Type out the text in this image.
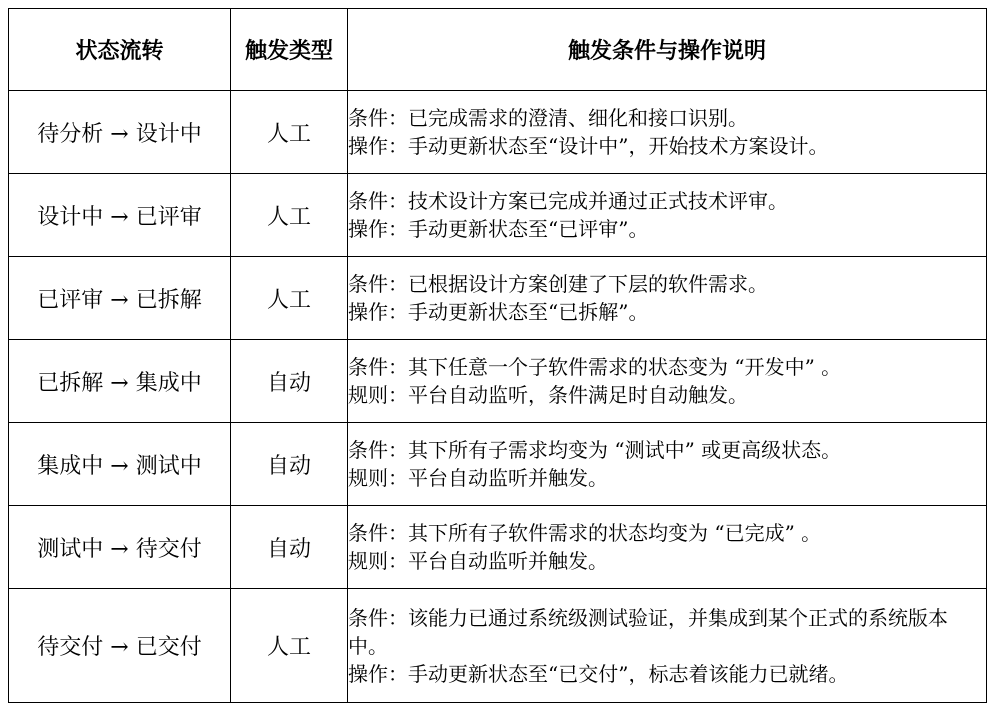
状态流转	触发类型	触发条件与操作说明
待分析 → 设计中	人工	条件：已完成需求的澄清、细化和接口识别。
操作：手动更新状态至“设计中”，开始技术方案设计。

设计中 → 已评审	人工	条件：技术设计方案已完成并通过正式技术评审。
操作：手动更新状态至“已评审”。

已评审 → 已拆解	人工	条件：已根据设计方案创建了下层的软件需求。
操作：手动更新状态至“已拆解”。

已拆解 → 集成中	自动	条件：其下任意一个子软件需求的状态变为 “开发中” 。
规则：平台自动监听，条件满足时自动触发。

集成中 → 测试中	自动	条件：其下所有子需求均变为 “测试中” 或更高级状态。
规则：平台自动监听并触发。

测试中 → 待交付	自动	条件：其下所有子软件需求的状态均变为 “已完成” 。
规则：平台自动监听并触发。

待交付 → 已交付	人工	条件：该能力已通过系统级测试验证，并集成到某个正式的系统版本中。
操作：手动更新状态至“已交付”，标志着该能力已就绪。
